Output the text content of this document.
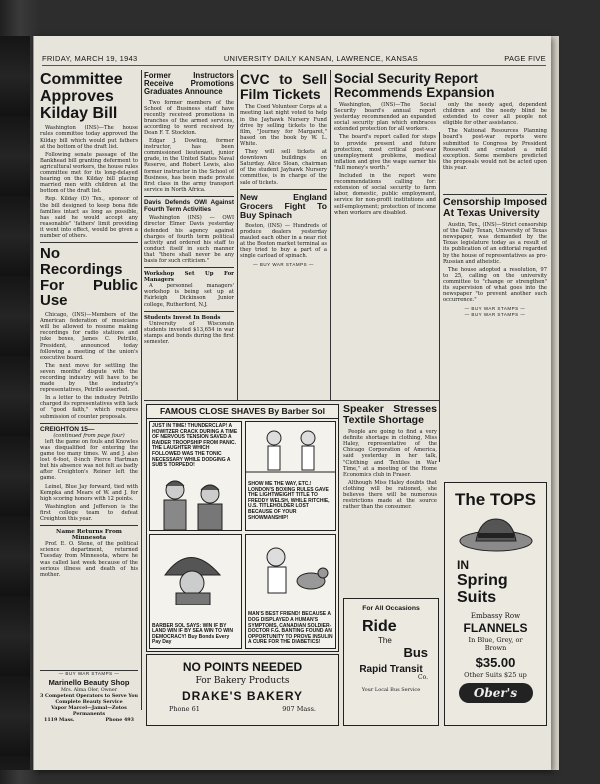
FRIDAY, MARCH 19, 1943	UNIVERSITY DAILY KANSAN, LAWRENCE, KANSAS	PAGE FIVE
Committee Approves Kilday Bill

Washington (INS)—The house rules committee today approved the Kilday bill which would put fathers at the bottom of the draft list.

Following senate passage of the Bankhead bill granting deferment to agricultural workers, the house rules committee met for its long-delayed hearing on the Kilday bill placing married men with children at the bottom of the draft list.

Rep. Kilday (D) Tex., sponsor of the bill designed to keep bona fide families intact as long as possible, has said he would accept any reasonable" 'fathers' limit providing it went into effect, would be given a number of others.

No Recordings For Public Use

Chicago, (INS)—Members of the American federation of musicians will be allowed to resume making recordings for radio stations and juke boxes, James C. Petrillo, President, announced today following a meeting of the union's executive board.

The next move for settling the seven months' dispute with the recording industry will have to be made by the industry's representatives, Petrillo asserted.

In a letter to the industry Petrillo charged its representatives with lack of "good faith," which requires submission of counter proposals.

CREIGHTON 15—
(continued from page four)

left the game on fouls and Knowles was disqualified for entering the game too many times. W. and J. also lost 6-foot, 8-inch Pierce Hartman but his absence was not felt as badly after Creighton's Reiner left the game.

Leinel, Blue Jay forward, tied with Kempka and Mears of W. and J. for high scoring honors with 12 points.

Washington and Jefferson is the first college team to defeat Creighton this year.

Name Returns From Minnesota

Prof. E. O. Stene, of the political science department, returned Tuesday from Minnesota, where he was called last week because of the serious illness and death of his mother.

— BUY WAR STAMPS —
Marinello Beauty Shop
Mrs. Alma Oler, Owner
3 Competent Operators to Serve You
Complete Beauty Service
Vapor Marcel—Jamal—Zotos Permanents
1119 Mass.	Phone 493
Former Instructors Receive Promotions Graduates Announce

Two former members of the School of Business staff have recently received promotions in branches of the armed services, according to word received by Dean F. T. Stockton.

Edgar J. Dowling, former instructor, has been commissioned lieutenant, junior grade, in the United States Naval Reserve, and Robert Lewis, also former instructor in the School of Business, has been made private first class in the army transport service in North Africa.

Davis Defends OWI Against Fourth Term Activities

Washington (INS) — OWI director Elmer Davis yesterday defended his agency against charges of fourth term political activity and ordered his staff to conduct itself in such manner that "there shall never be any basis for such criticism."

Workshop Set Up For Managers

A personnel managers' workshop is being set up at Fairleigh Dickinson Junior college, Rutherford, N.J.

Students Invest In Bonds

University of Wisconsin students invested $13,654 in war stamps and bonds during the first semester.

CVC to Sell Film Tickets

The Coed Volunteer Corps at a meeting last night voted to help in the Jayhawk Nursery Fund drive by selling tickets to the film, "Journey for Margaret," based on the book by W. L. White.

They will sell tickets at downtown buildings on Saturday. Alice Sloan, chairman of the student Jayhawk Nursery committee, is in charge of the sale of tickets.

New England Grocers Fight To Buy Spinach

Boston, (INS) — Hundreds of produce dealers yesterday mauled each other in a near riot at the Boston market terminal as they tried to buy a part of a single carload of spinach.

— BUY WAR STAMPS —
Social Security Report Recommends Expansion

Washington, (INS)—The Social Security board's annual report yesterday recommended an expanded social security plan which embraces extended protection for all workers.

The board's report called for steps to provide present and future protection, most critical post-war unemployment problems, medical inflation and give the wage earner his "full money's worth."

Included in the report were recommendations calling for: extension of social security to farm labor, domestic, public employment, service for non-profit institutions and self-employment; protection of income when workers are disabled.

only the needy aged, dependent children and the needy blind be extended to cover all people not eligible for other assistance.

The National Resources Planning board's post-war reports were submitted to Congress by President Roosevelt and created a mild exception. Some members predicted the proposals would not be acted upon this year.

Censorship Imposed At Texas University

Austin, Tex., (INS)—Strict censorship of the Daily Texan, University of Texas newspaper, was demanded by the Texas legislature today as a result of its publication of an editorial regarded by the house of representatives as pro-Russian and atheistic.

The house adopted a resolution, 97 to 25, calling on the university committee to "change or strengthen" its supervision of what goes into the newspaper "to prevent another such occurrence."

— BUY WAR STAMPS —
— BUY WAR STAMPS —
Speaker Stresses Textile Shortage

People are going to find a very definite shortage in clothing, Miss Haley, representative of the Chicago Corporation of America, said yesterday in her talk, "Clothing and Textiles in War Time," at a meeting of the Home Economics club in Fraser.

Although Miss Haley doubts that clothing will be rationed, she believes there will be numerous restrictions made at the source rather than the consumer.

FAMOUS CLOSE SHAVES By Barber Sol
JUST IN TIME! THUNDERCLAP! A HOWITZER CRACK DURING A TIME OF NERVOUS TENSION SAVED A RAIDER TROOPSHIP FROM PANIC. THE LAUGHTER WHICH FOLLOWED WAS THE TONIC NECESSARY WHILE DODGING A SUB'S TORPEDO!
SHOW ME THE WAY, ETC.! LONDON'S BOXING RULES GAVE THE LIGHTWEIGHT TITLE TO FREDDY WELSH, WHILE RITCHIE, U.S. TITLEHOLDER LOST BECAUSE OF YOUR SHOWMANSHIP!
BARBER SOL SAYS: WIN IF BY LAND WIN IF BY SEA WIN TO WIN DEMOCRACY! Buy Bonds Every Pay Day
MAN'S BEST FRIEND! BECAUSE A DOG DISPLAYED A HUMAN'S SYMPTOMS, CANADIAN SOLDIER-DOCTOR F.G. BANTING FOUND AN OPPORTUNITY TO PROVE INSULIN A CURE FOR THE DIABETICS!
NO POINTS NEEDED
For Bakery Products
DRAKE'S BAKERY
Phone 61	907 Mass.
For All Occasions
Ride
The
Bus
Rapid Transit
Co.
Your Local Bus Service
The TOPS
IN
Spring Suits
Embassy Row
FLANNELS
In Blue, Grey, or Brown
$35.00
Other Suits $25 up
Ober's
